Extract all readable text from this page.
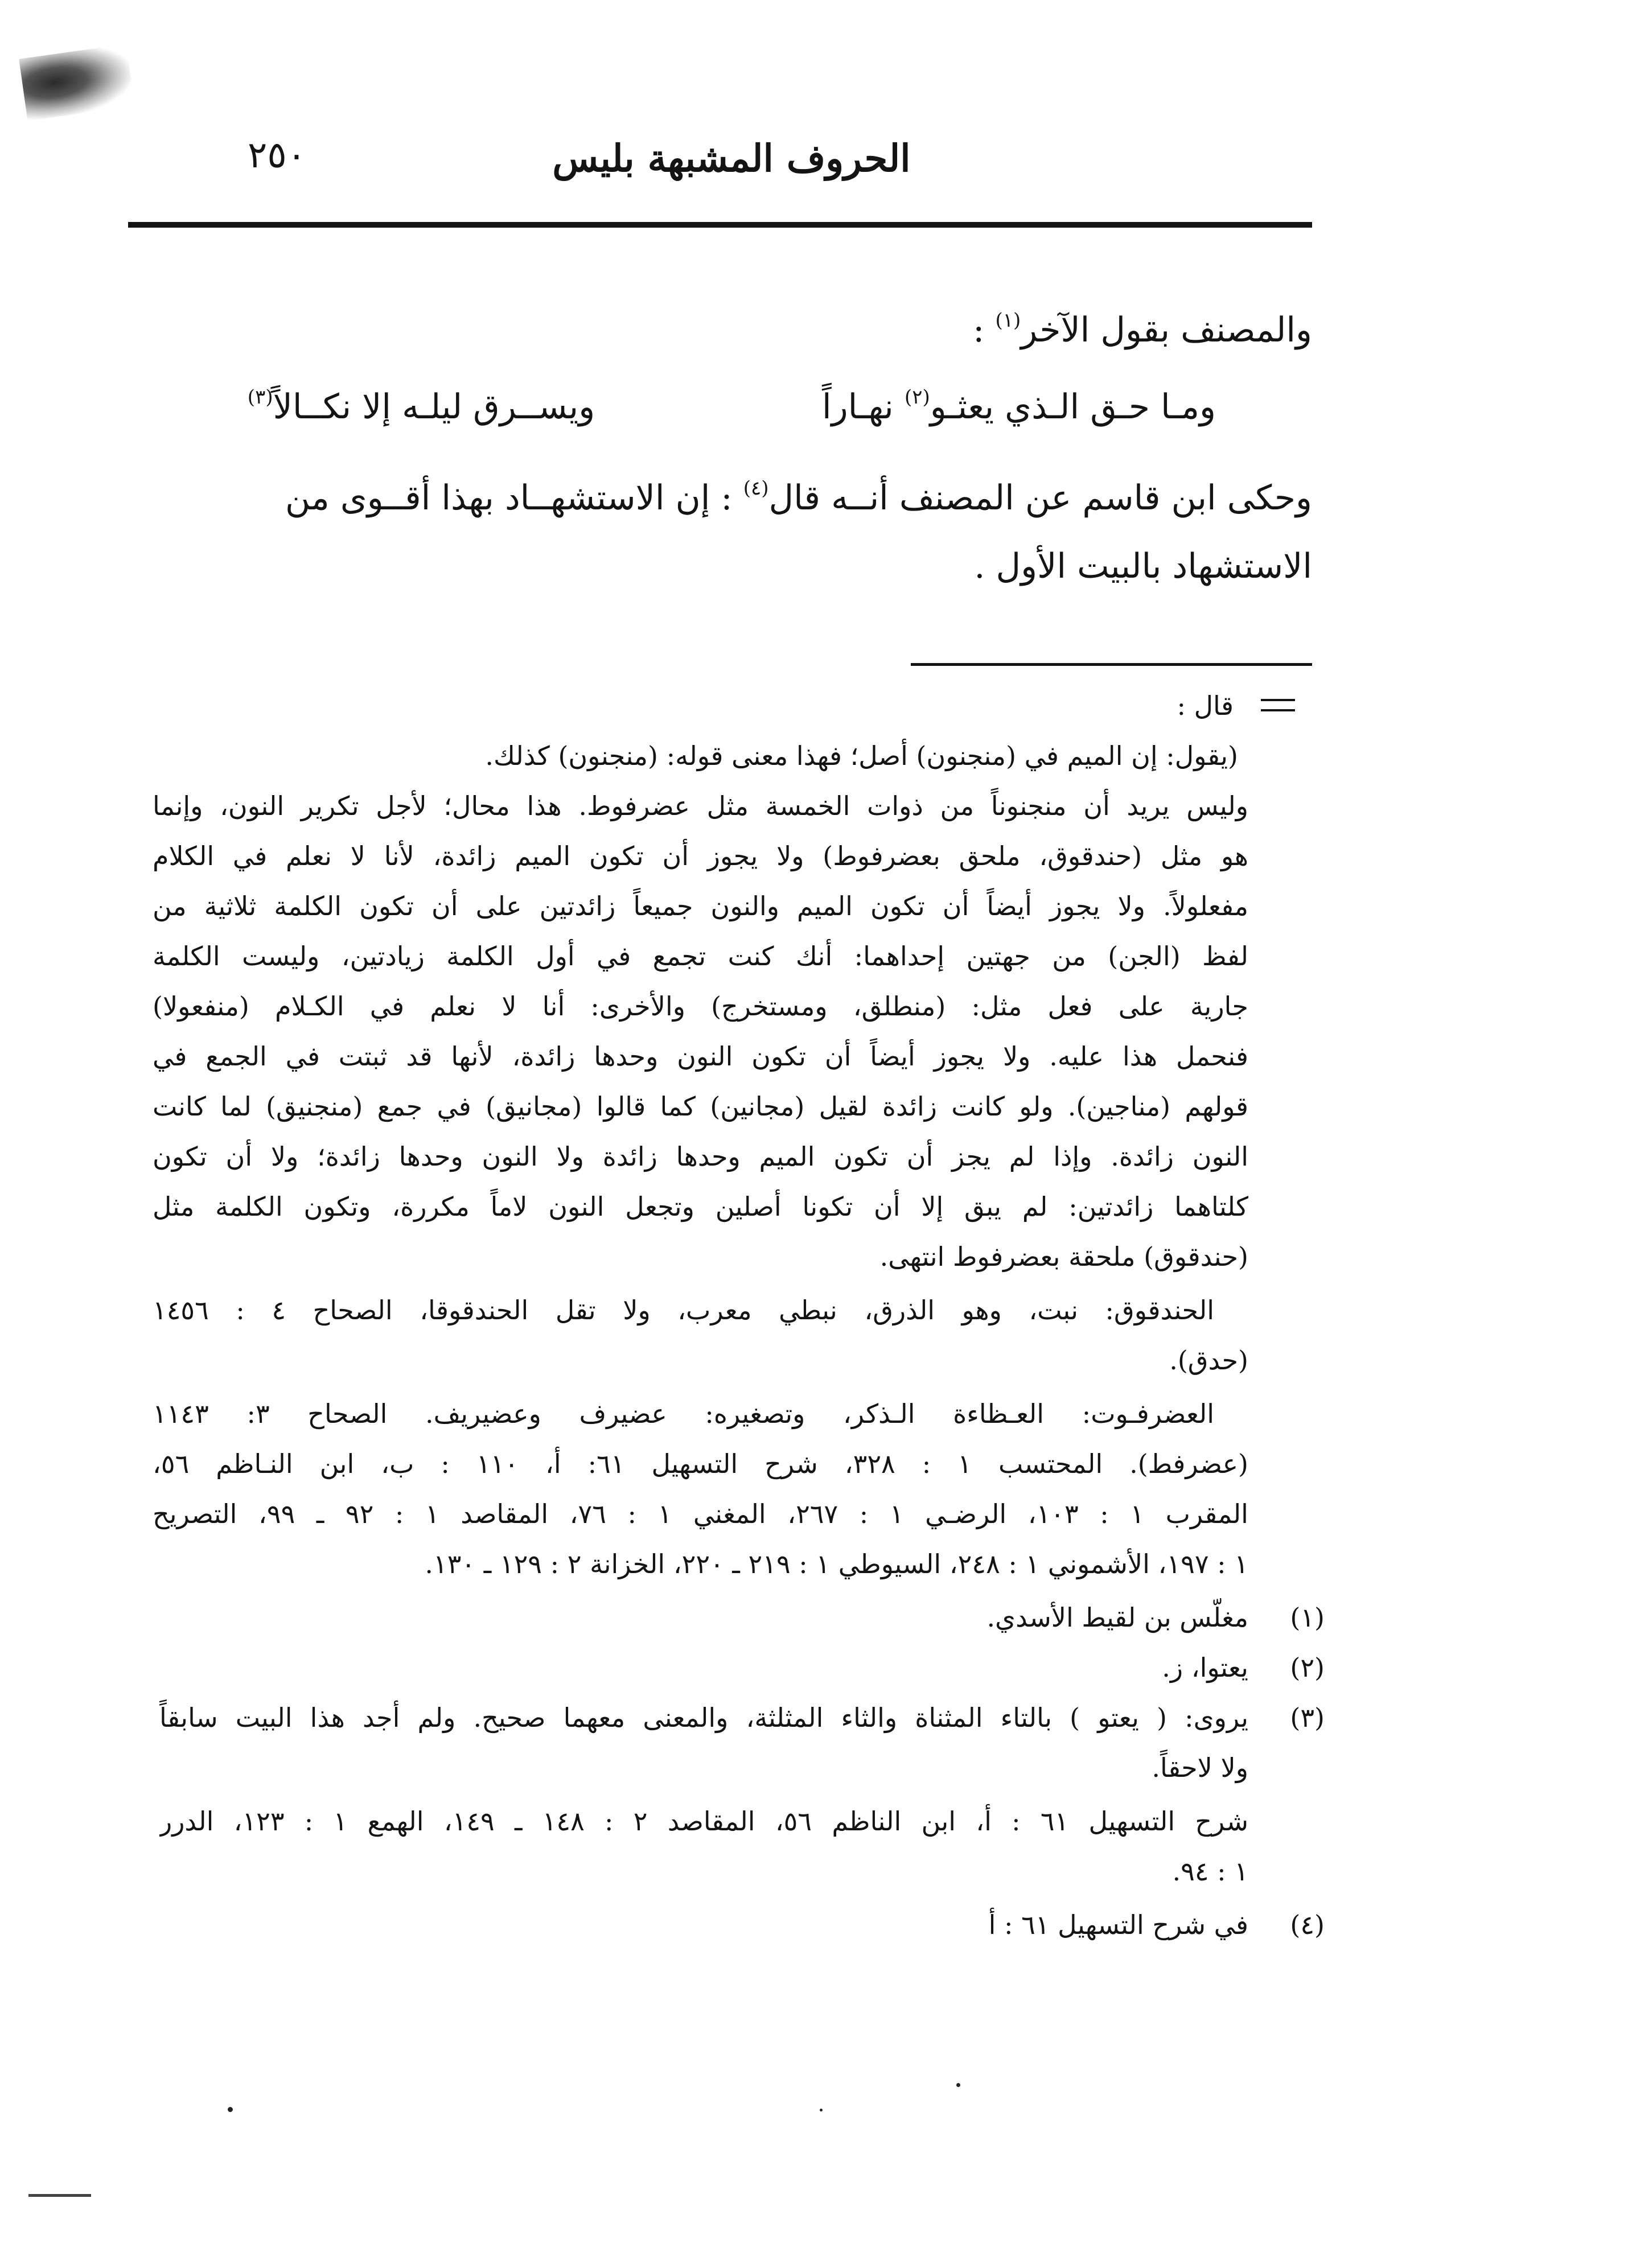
٢٥٠	الحروف المشبهة بليس
والمصنف بقول الآخر$^{(١)}$ :
ومـا حـق الـذي يعثـو$^{(٢)}$ نهـاراً
ويســرق ليلـه إلا نكــالاً$^{(٣)}$
وحكى ابن قاسم عن المصنف أنــه قال$^{(٤)}$ : إن الاستشهــاد بهذا أقــوى من
الاستشهاد بالبيت الأول .
قال :
(يقول: إن الميم في (منجنون) أصل؛ فهذا معنى قوله: (منجنون) كذلك.
وليس يريد أن منجنوناً من ذوات الخمسة مثل عضرفوط. هذا محال؛ لأجل تكرير النون، وإنما
هو مثل (حندقوق، ملحق بعضرفوط) ولا يجوز أن تكون الميم زائدة، لأنا لا نعلم في الكلام
مفعلولاً. ولا يجوز أيضاً أن تكون الميم والنون جميعاً زائدتين على أن تكون الكلمة ثلاثية من
لفظ (الجن) من جهتين إحداهما: أنك كنت تجمع في أول الكلمة زيادتين، وليست الكلمة
جارية على فعل مثل: (منطلق، ومستخرج) والأخرى: أنا لا نعلم في الكـلام (منفعولا)
فنحمل هذا عليه. ولا يجوز أيضاً أن تكون النون وحدها زائدة، لأنها قد ثبتت في الجمع في
قولهم (مناجين). ولو كانت زائدة لقيل (مجانين) كما قالوا (مجانيق) في جمع (منجنيق) لما كانت
النون زائدة. وإذا لم يجز أن تكون الميم وحدها زائدة ولا النون وحدها زائدة؛ ولا أن تكون
كلتاهما زائدتين: لم يبق إلا أن تكونا أصلين وتجعل النون لاماً مكررة، وتكون الكلمة مثل
(حندقوق) ملحقة بعضرفوط انتهى.
الحندقوق: نبت، وهو الذرق، نبطي معرب، ولا تقل الحندقوقا، الصحاح ٤ : ١٤٥٦
(حدق).
العضرفـوت: العـظاءة الـذكر، وتصغيره: عضيرف وعضيريف. الصحاح ٣: ١١٤٣
(عضرفط). المحتسب ١ : ٣٢٨، شرح التسهيل ٦١: أ، ١١٠ : ب، ابن النـاظم ٥٦،
المقرب ١ : ١٠٣، الرضـي ١ : ٢٦٧، المغني ١ : ٧٦، المقاصد ١ : ٩٢ ـ ٩٩، التصريح
١ : ١٩٧، الأشموني ١ : ٢٤٨، السيوطي ١ : ٢١٩ ـ ٢٢٠، الخزانة ٢ : ١٢٩ ـ ١٣٠.
(١)
مغلّس بن لقيط الأسدي.
(٢)
يعتوا، ز.
(٣)
يروى: ( يعتو ) بالتاء المثناة والثاء المثلثة، والمعنى معهما صحيح. ولم أجد هذا البيت سابقاً
ولا لاحقاً.
شرح التسهيل ٦١ : أ، ابن الناظم ٥٦، المقاصد ٢ : ١٤٨ ـ ١٤٩، الهمع ١ : ١٢٣، الدرر
١ : ٩٤.
(٤)
في شرح التسهيل ٦١ : أ
